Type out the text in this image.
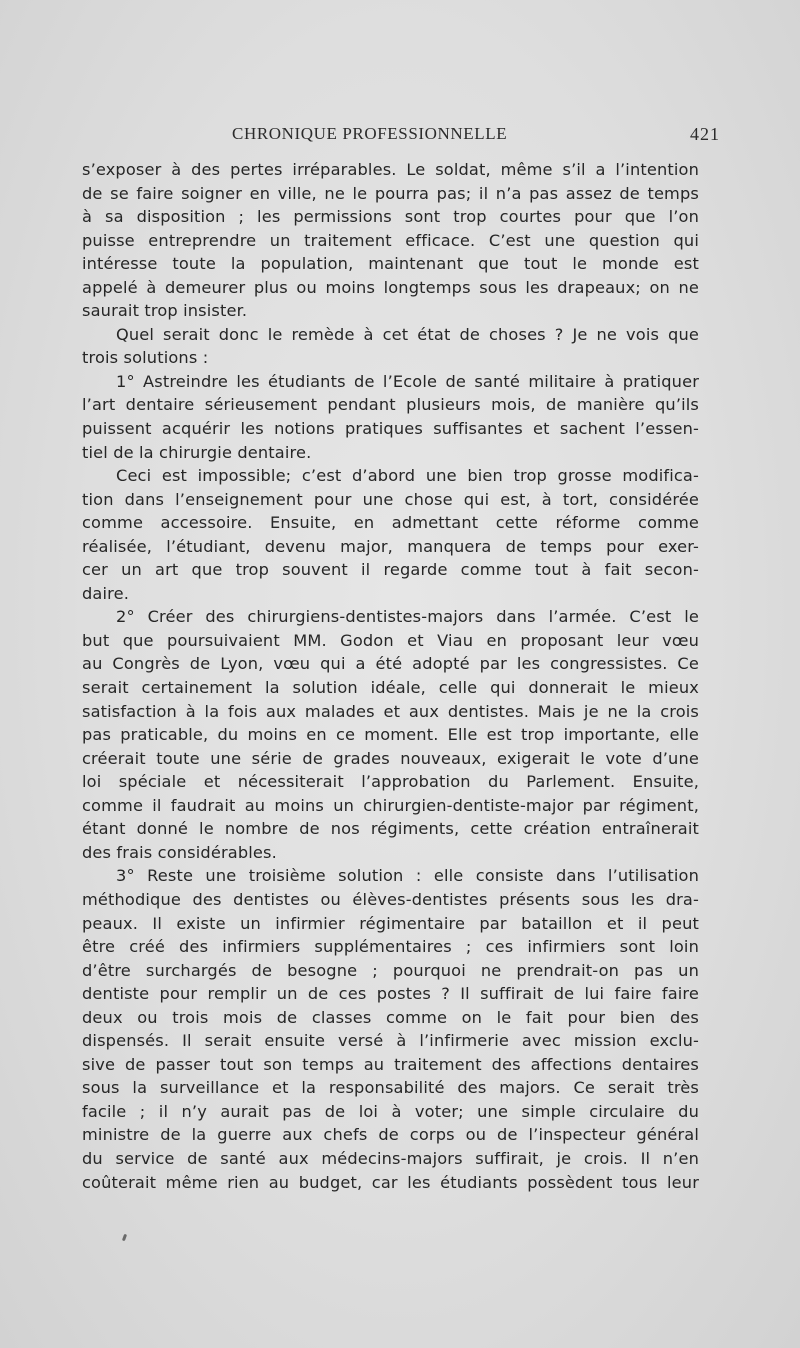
CHRONIQUE PROFESSIONNELLE	421
s’exposer à des pertes irréparables. Le soldat, même s’il a l’intention
de se faire soigner en ville, ne le pourra pas; il n’a pas assez de temps
à sa disposition ; les permissions sont trop courtes pour que l’on
puisse entreprendre un traitement efficace. C’est une question qui
intéresse toute la population, maintenant que tout le monde est
appelé à demeurer plus ou moins longtemps sous les drapeaux; on ne
saurait trop insister.
Quel serait donc le remède à cet état de choses ? Je ne vois que
trois solutions :
1° Astreindre les étudiants de l’Ecole de santé militaire à pratiquer
l’art dentaire sérieusement pendant plusieurs mois, de manière qu’ils
puissent acquérir les notions pratiques suffisantes et sachent l’essen-
tiel de la chirurgie dentaire.
Ceci est impossible; c’est d’abord une bien trop grosse modifica-
tion dans l’enseignement pour une chose qui est, à tort, considérée
comme accessoire. Ensuite, en admettant cette réforme comme
réalisée, l’étudiant, devenu major, manquera de temps pour exer-
cer un art que trop souvent il regarde comme tout à fait secon-
daire.
2° Créer des chirurgiens-dentistes-majors dans l’armée. C’est le
but que poursuivaient MM. Godon et Viau en proposant leur vœu
au Congrès de Lyon, vœu qui a été adopté par les congressistes. Ce
serait certainement la solution idéale, celle qui donnerait le mieux
satisfaction à la fois aux malades et aux dentistes. Mais je ne la crois
pas praticable, du moins en ce moment. Elle est trop importante, elle
créerait toute une série de grades nouveaux, exigerait le vote d’une
loi spéciale et nécessiterait l’approbation du Parlement. Ensuite,
comme il faudrait au moins un chirurgien-dentiste-major par régiment,
étant donné le nombre de nos régiments, cette création entraînerait
des frais considérables.
3° Reste une troisième solution : elle consiste dans l’utilisation
méthodique des dentistes ou élèves-dentistes présents sous les dra-
peaux. Il existe un infirmier régimentaire par bataillon et il peut
être créé des infirmiers supplémentaires ; ces infirmiers sont loin
d’être surchargés de besogne ; pourquoi ne prendrait-on pas un
dentiste pour remplir un de ces postes ? Il suffirait de lui faire faire
deux ou trois mois de classes comme on le fait pour bien des
dispensés. Il serait ensuite versé à l’infirmerie avec mission exclu-
sive de passer tout son temps au traitement des affections dentaires
sous la surveillance et la responsabilité des majors. Ce serait très
facile ; il n’y aurait pas de loi à voter; une simple circulaire du
ministre de la guerre aux chefs de corps ou de l’inspecteur général
du service de santé aux médecins-majors suffirait, je crois. Il n’en
coûterait même rien au budget, car les étudiants possèdent tous leur
